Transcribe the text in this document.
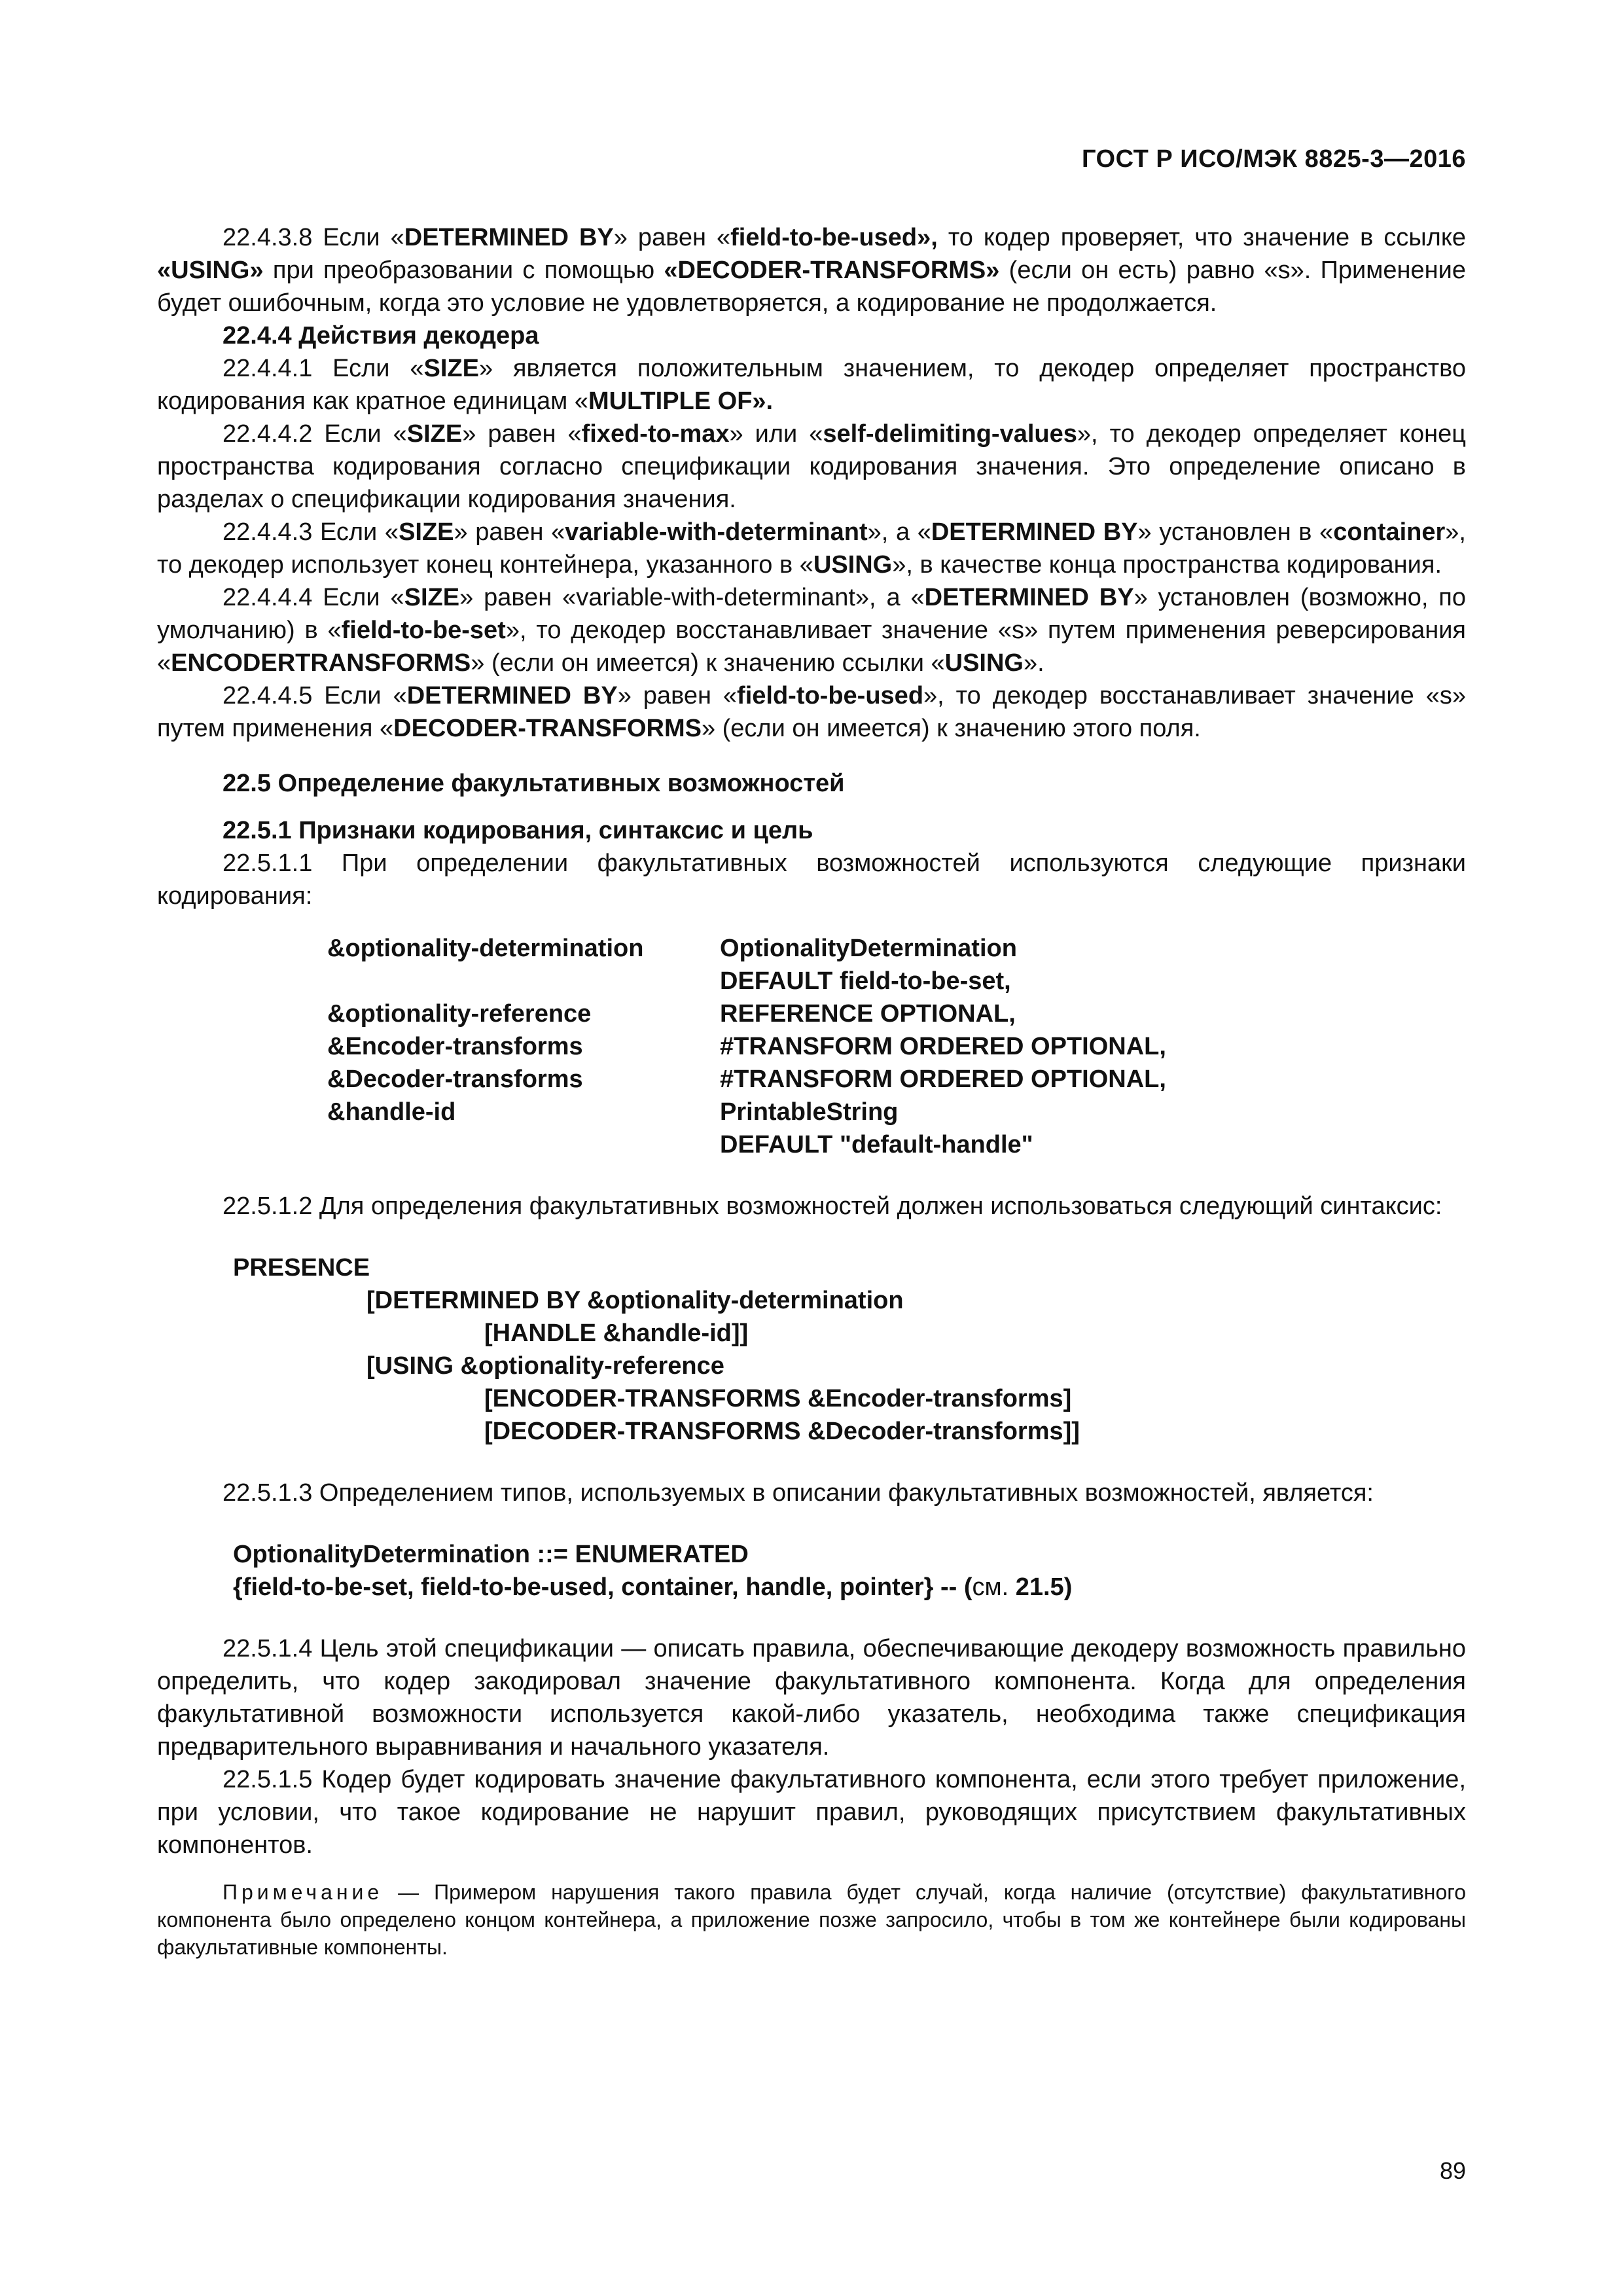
ГОСТ Р ИСО/МЭК 8825-3—2016

22.4.3.8 Если «DETERMINED BY» равен «field-to-be-used», то кодер проверяет, что значение в ссылке «USING» при преобразовании с помощью «DECODER-TRANSFORMS» (если он есть) равно «s». Применение будет ошибочным, когда это условие не удовлетворяется, а кодирование не продолжается.

22.4.4 Действия декодера

22.4.4.1 Если «SIZE» является положительным значением, то декодер определяет пространство кодирования как кратное единицам «MULTIPLE OF».

22.4.4.2 Если «SIZE» равен «fixed-to-max» или «self-delimiting-values», то декодер определяет конец пространства кодирования согласно спецификации кодирования значения. Это определение описано в разделах о спецификации кодирования значения.

22.4.4.3 Если «SIZE» равен «variable-with-determinant», а «DETERMINED BY» установлен в «container», то декодер использует конец контейнера, указанного в «USING», в качестве конца пространства кодирования.

22.4.4.4 Если «SIZE» равен «variable-with-determinant», а «DETERMINED BY» установлен (возможно, по умолчанию) в «field-to-be-set», то декодер восстанавливает значение «s» путем применения реверсирования «ENCODERTRANSFORMS» (если он имеется) к значению ссылки «USING».

22.4.4.5 Если «DETERMINED BY» равен «field-to-be-used», то декодер восстанавливает значение «s» путем применения «DECODER-TRANSFORMS» (если он имеется) к значению этого поля.

22.5 Определение факультативных возможностей

22.5.1 Признаки кодирования, синтаксис и цель

22.5.1.1 При определении факультативных возможностей используются следующие признаки кодирования:

&optionality-determination	OptionalityDetermination
DEFAULT field-to-be-set,
&optionality-reference	REFERENCE OPTIONAL,
&Encoder-transforms	#TRANSFORM ORDERED OPTIONAL,
&Decoder-transforms	#TRANSFORM ORDERED OPTIONAL,
&handle-id	PrintableString
DEFAULT "default-handle"

22.5.1.2 Для определения факультативных возможностей должен использоваться следующий синтаксис:

PRESENCE
[DETERMINED BY &optionality-determination
[HANDLE &handle-id]]
[USING &optionality-reference
[ENCODER-TRANSFORMS &Encoder-transforms]
[DECODER-TRANSFORMS &Decoder-transforms]]

22.5.1.3 Определением типов, используемых в описании факультативных возможностей, является:

OptionalityDetermination ::= ENUMERATED
{field-to-be-set, field-to-be-used, container, handle, pointer} -- (см. 21.5)

22.5.1.4 Цель этой спецификации — описать правила, обеспечивающие декодеру возможность правильно определить, что кодер закодировал значение факультативного компонента. Когда для определения факультативной возможности используется какой-либо указатель, необходима также спецификация предварительного выравнивания и начального указателя.

22.5.1.5 Кодер будет кодировать значение факультативного компонента, если этого требует приложение, при условии, что такое кодирование не нарушит правил, руководящих присутствием факультативных компонентов.

Примечание — Примером нарушения такого правила будет случай, когда наличие (отсутствие) факультативного компонента было определено концом контейнера, а приложение позже запросило, чтобы в том же контейнере были кодированы факультативные компоненты.

89
